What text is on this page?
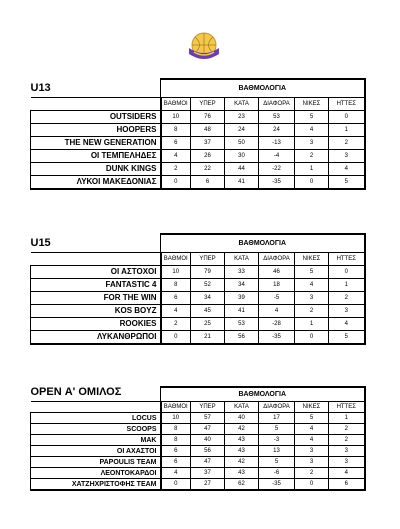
U13	ΒΑΘΜΟΛΟΓΙΑ					
	ΒΑΘΜΟΙ	ΥΠΕΡ	ΚΑΤΑ	ΔΙΑΦΟΡΑ	ΝΙΚΕΣ	ΗΤΤΕΣ
OUTSIDERS	10	76	23	53	5	0
HOOPERS	8	48	24	24	4	1
THE NEW GENERATION	6	37	50	-13	3	2
ΟΙ ΤΕΜΠΕΛΗΔΕΣ	4	26	30	-4	2	3
DUNK KINGS	2	22	44	-22	1	4
ΛΥΚΟΙ ΜΑΚΕΔΟΝΙΑΣ	0	6	41	-35	0	5
U15	ΒΑΘΜΟΛΟΓΙΑ					
	ΒΑΘΜΟΙ	ΥΠΕΡ	ΚΑΤΑ	ΔΙΑΦΟΡΑ	ΝΙΚΕΣ	ΗΤΤΕΣ
ΟΙ ΑΣΤΟΧΟΙ	10	79	33	46	5	0
FANTASTIC 4	8	52	34	18	4	1
FOR THE WIN	6	34	39	-5	3	2
KOS BOYZ	4	45	41	4	2	3
ROOKIES	2	25	53	-28	1	4
ΛΥΚΑΝΘΡΩΠΟΙ	0	21	56	-35	0	5
OPEN Α' ΟΜΙΛΟΣ	ΒΑΘΜΟΛΟΓΙΑ					
	ΒΑΘΜΟΙ	ΥΠΕΡ	ΚΑΤΑ	ΔΙΑΦΟΡΑ	ΝΙΚΕΣ	ΗΤΤΕΣ
LOCUS	10	57	40	17	5	1
SCOOPS	8	47	42	5	4	2
MAK	8	40	43	-3	4	2
ΟΙ ΑΧΑΣΤΟΙ	6	56	43	13	3	3
PAPOULIS TEAM	6	47	42	5	3	3
ΛΕΟΝΤΟΚΑΡΔΟΙ	4	37	43	-6	2	4
ΧΑΤΖΗΧΡΙΣΤΟΦΗΣ TEAM	0	27	62	-35	0	6
